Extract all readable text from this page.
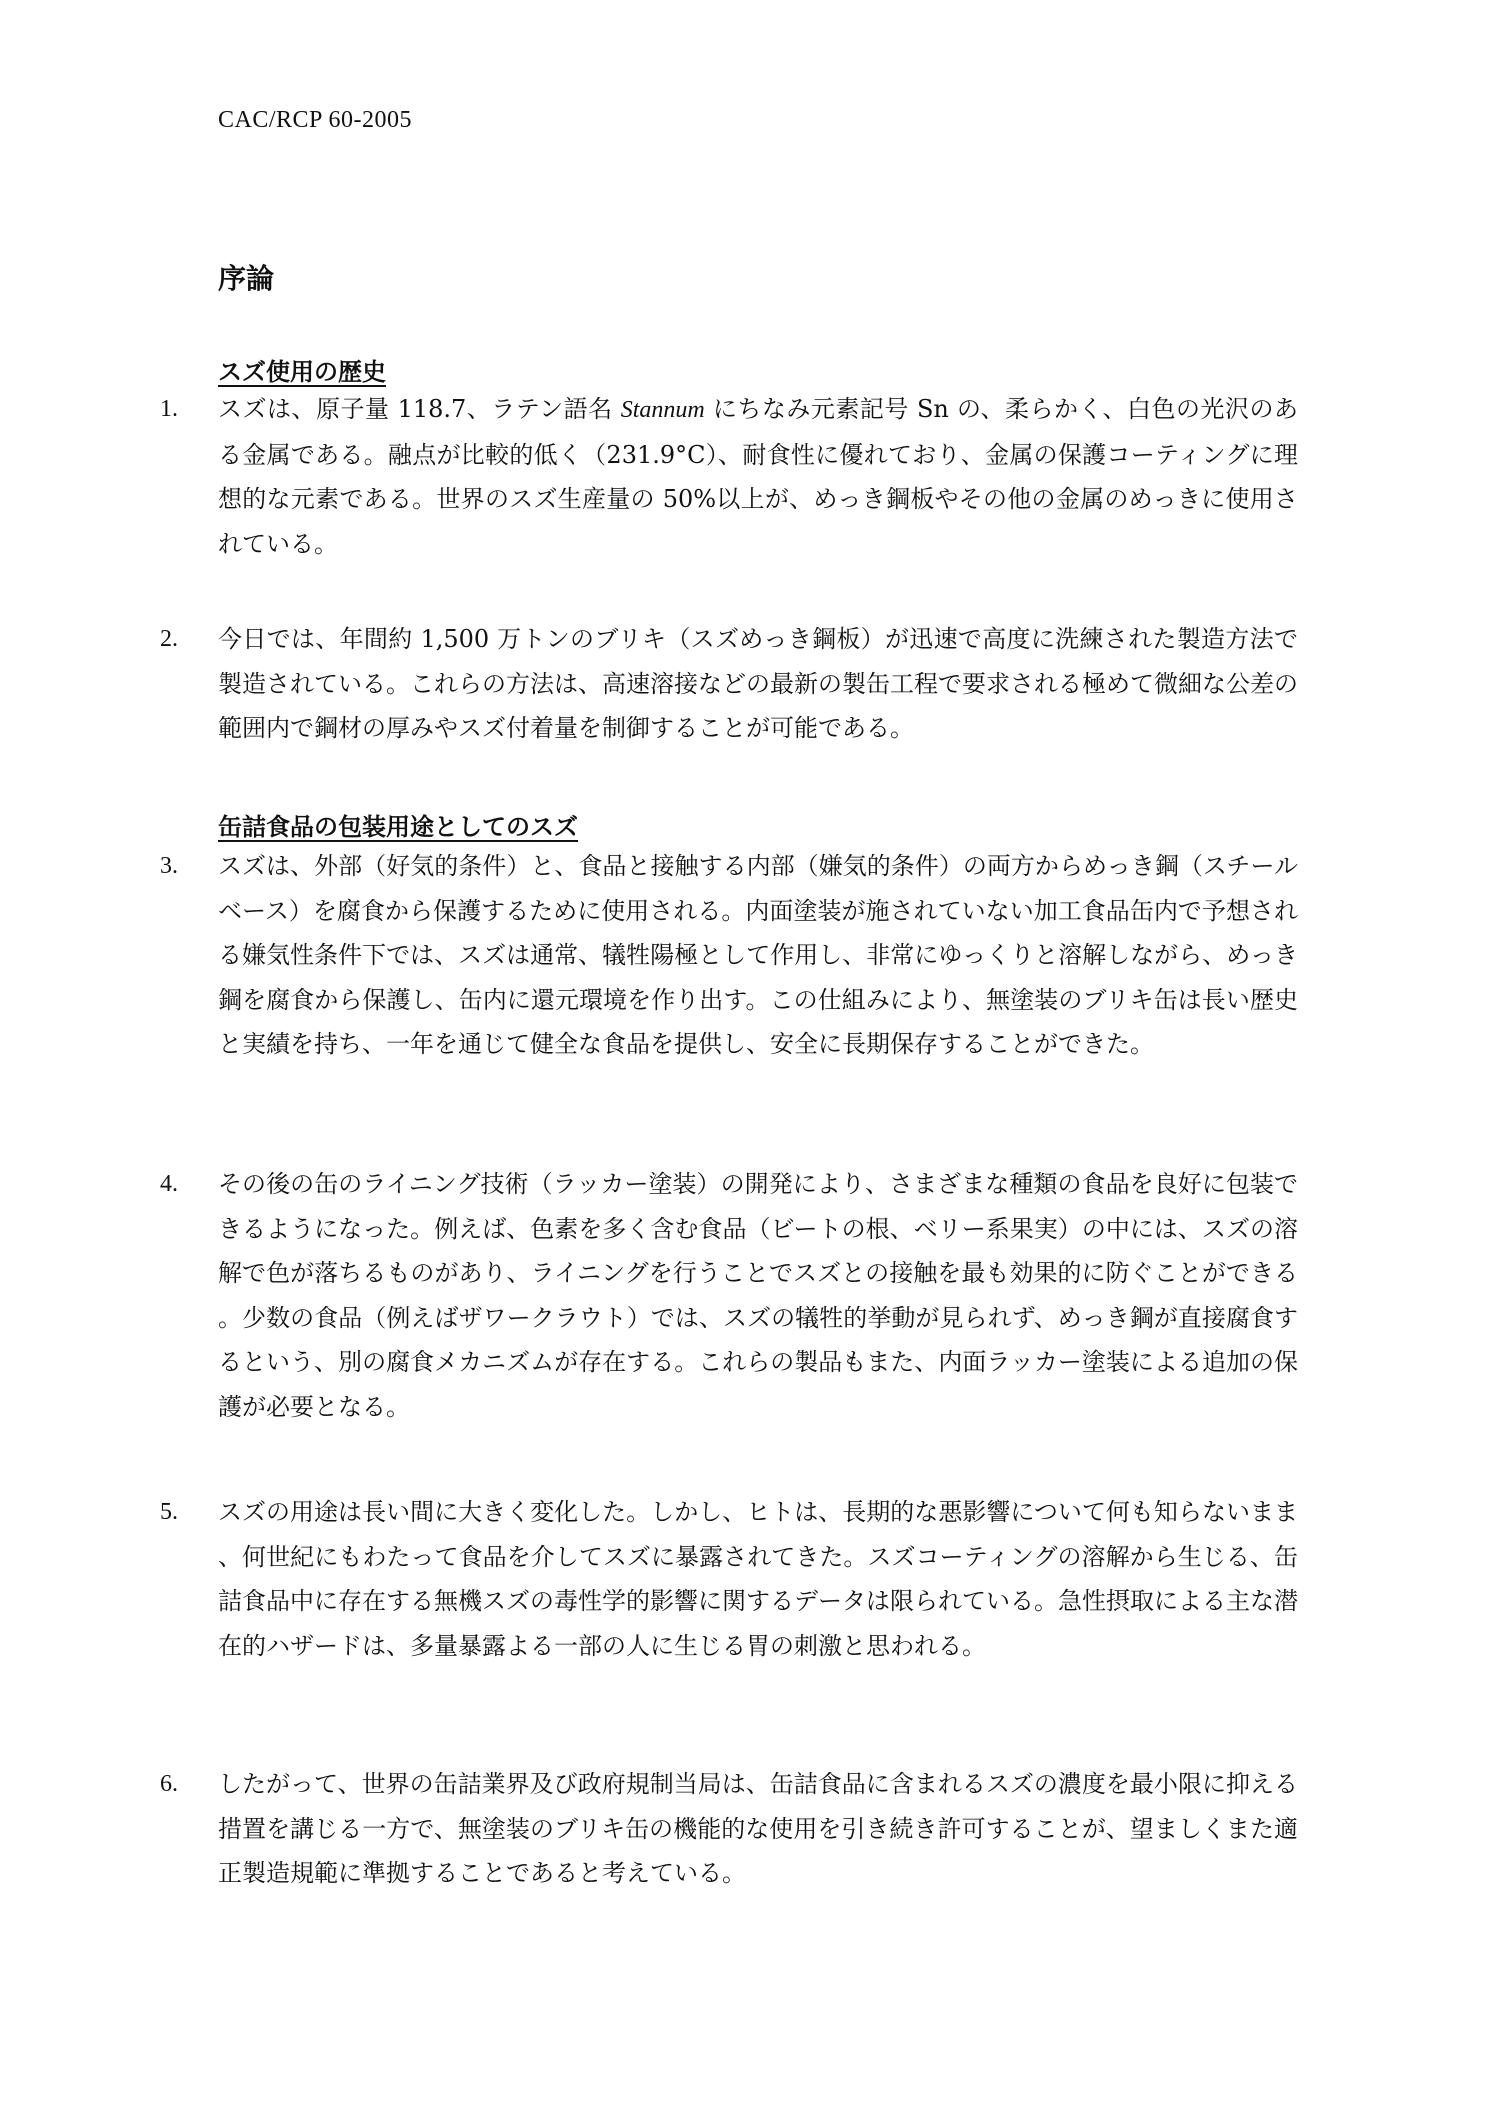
CAC/RCP 60-2005
序論
スズ使用の歴史
1.	スズは、原子量 118.7、ラテン語名 Stannum にちなみ元素記号 Sn の、柔らかく、白色の光沢のある金属である。融点が比較的低く（231.9°C）、耐食性に優れており、金属の保護コーティングに理想的な元素である。世界のスズ生産量の 50%以上が、めっき鋼板やその他の金属のめっきに使用されている。
2.	今日では、年間約 1,500 万トンのブリキ（スズめっき鋼板）が迅速で高度に洗練された製造方法で製造されている。これらの方法は、高速溶接などの最新の製缶工程で要求される極めて微細な公差の範囲内で鋼材の厚みやスズ付着量を制御することが可能である。
缶詰食品の包装用途としてのスズ
3.	スズは、外部（好気的条件）と、食品と接触する内部（嫌気的条件）の両方からめっき鋼（スチールベース）を腐食から保護するために使用される。内面塗装が施されていない加工食品缶内で予想される嫌気性条件下では、スズは通常、犠牲陽極として作用し、非常にゆっくりと溶解しながら、めっき鋼を腐食から保護し、缶内に還元環境を作り出す。この仕組みにより、無塗装のブリキ缶は長い歴史と実績を持ち、一年を通じて健全な食品を提供し、安全に長期保存することができた。
4.	その後の缶のライニング技術（ラッカー塗装）の開発により、さまざまな種類の食品を良好に包装できるようになった。例えば、色素を多く含む食品（ビートの根、ベリー系果実）の中には、スズの溶解で色が落ちるものがあり、ライニングを行うことでスズとの接触を最も効果的に防ぐことができる。少数の食品（例えばザワークラウト）では、スズの犠牲的挙動が見られず、めっき鋼が直接腐食するという、別の腐食メカニズムが存在する。これらの製品もまた、内面ラッカー塗装による追加の保護が必要となる。
5.	スズの用途は長い間に大きく変化した。しかし、ヒトは、長期的な悪影響について何も知らないまま、何世紀にもわたって食品を介してスズに暴露されてきた。スズコーティングの溶解から生じる、缶詰食品中に存在する無機スズの毒性学的影響に関するデータは限られている。急性摂取による主な潜在的ハザードは、多量暴露よる一部の人に生じる胃の刺激と思われる。
6.	したがって、世界の缶詰業界及び政府規制当局は、缶詰食品に含まれるスズの濃度を最小限に抑える措置を講じる一方で、無塗装のブリキ缶の機能的な使用を引き続き許可することが、望ましくまた適正製造規範に準拠することであると考えている。
